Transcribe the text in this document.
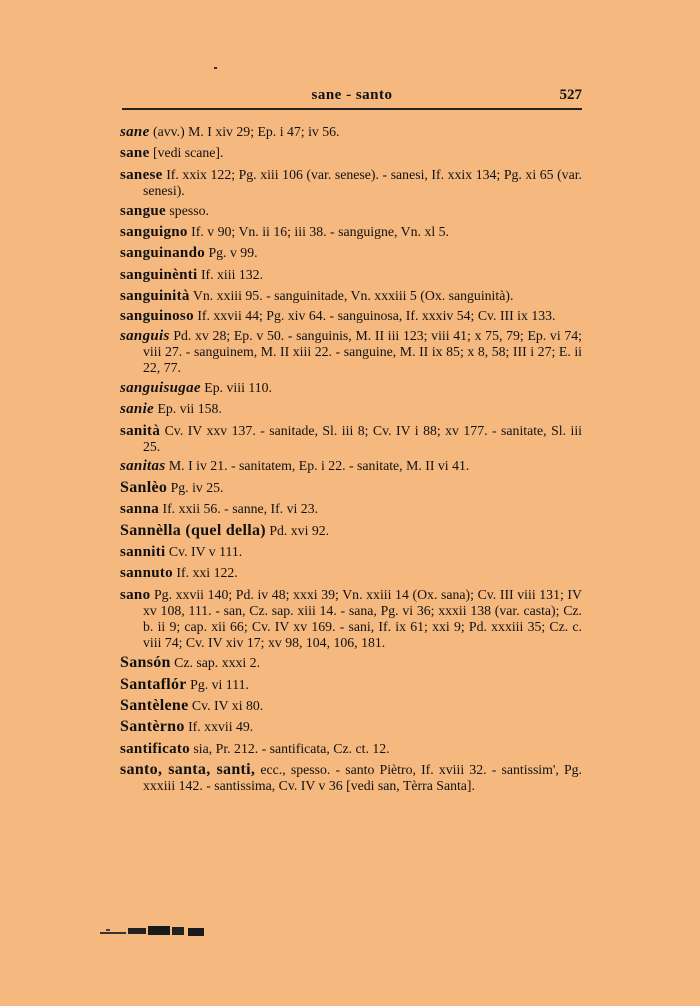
sane - santo	527

sane (avv.) M. I xiv 29; Ep. i 47; iv 56.

sane [vedi scane].

sanese If. xxix 122; Pg. xiii 106 (var. senese). - sanesi, If. xxix 134; Pg. xi 65 (var. senesi).

sangue spesso.

sanguigno If. v 90; Vn. ii 16; iii 38. - sanguigne, Vn. xl 5.

sanguinando Pg. v 99.

sanguinènti If. xiii 132.

sanguinità Vn. xxiii 95. - sanguinitade, Vn. xxxiii 5 (Ox. sanguinità).

sanguinoso If. xxvii 44; Pg. xiv 64. - sanguinosa, If. xxxiv 54; Cv. III ix 133.

sanguis Pd. xv 28; Ep. v 50. - sanguinis, M. II iii 123; viii 41; x 75, 79; Ep. vi 74; viii 27. - sanguinem, M. II xiii 22. - sanguine, M. II ix 85; x 8, 58; III i 27; E. ii 22, 77.

sanguisugae Ep. viii 110.

sanie Ep. vii 158.

sanità Cv. IV xxv 137. - sanitade, Sl. iii 8; Cv. IV i 88; xv 177. - sanitate, Sl. iii 25.

sanitas M. I iv 21. - sanitatem, Ep. i 22. - sanitate, M. II vi 41.

Sanlèo Pg. iv 25.

sanna If. xxii 56. - sanne, If. vi 23.

Sannèlla (quel della) Pd. xvi 92.

sanniti Cv. IV v 111.

sannuto If. xxi 122.

sano Pg. xxvii 140; Pd. iv 48; xxxi 39; Vn. xxiii 14 (Ox. sana); Cv. III viii 131; IV xv 108, 111. - san, Cz. sap. xiii 14. - sana, Pg. vi 36; xxxii 138 (var. casta); Cz. b. ii 9; cap. xii 66; Cv. IV xv 169. - sani, If. ix 61; xxi 9; Pd. xxxiii 35; Cz. c. viii 74; Cv. IV xiv 17; xv 98, 104, 106, 181.

Sansón Cz. sap. xxxi 2.

Santaflór Pg. vi 111.

Santèlene Cv. IV xi 80.

Santèrno If. xxvii 49.

santificato sia, Pr. 212. - santificata, Cz. ct. 12.

santo, santa, santi, ecc., spesso. - santo Piètro, If. xviii 32. - santissim', Pg. xxxiii 142. - santissima, Cv. IV v 36 [vedi san, Tèrra Santa].
